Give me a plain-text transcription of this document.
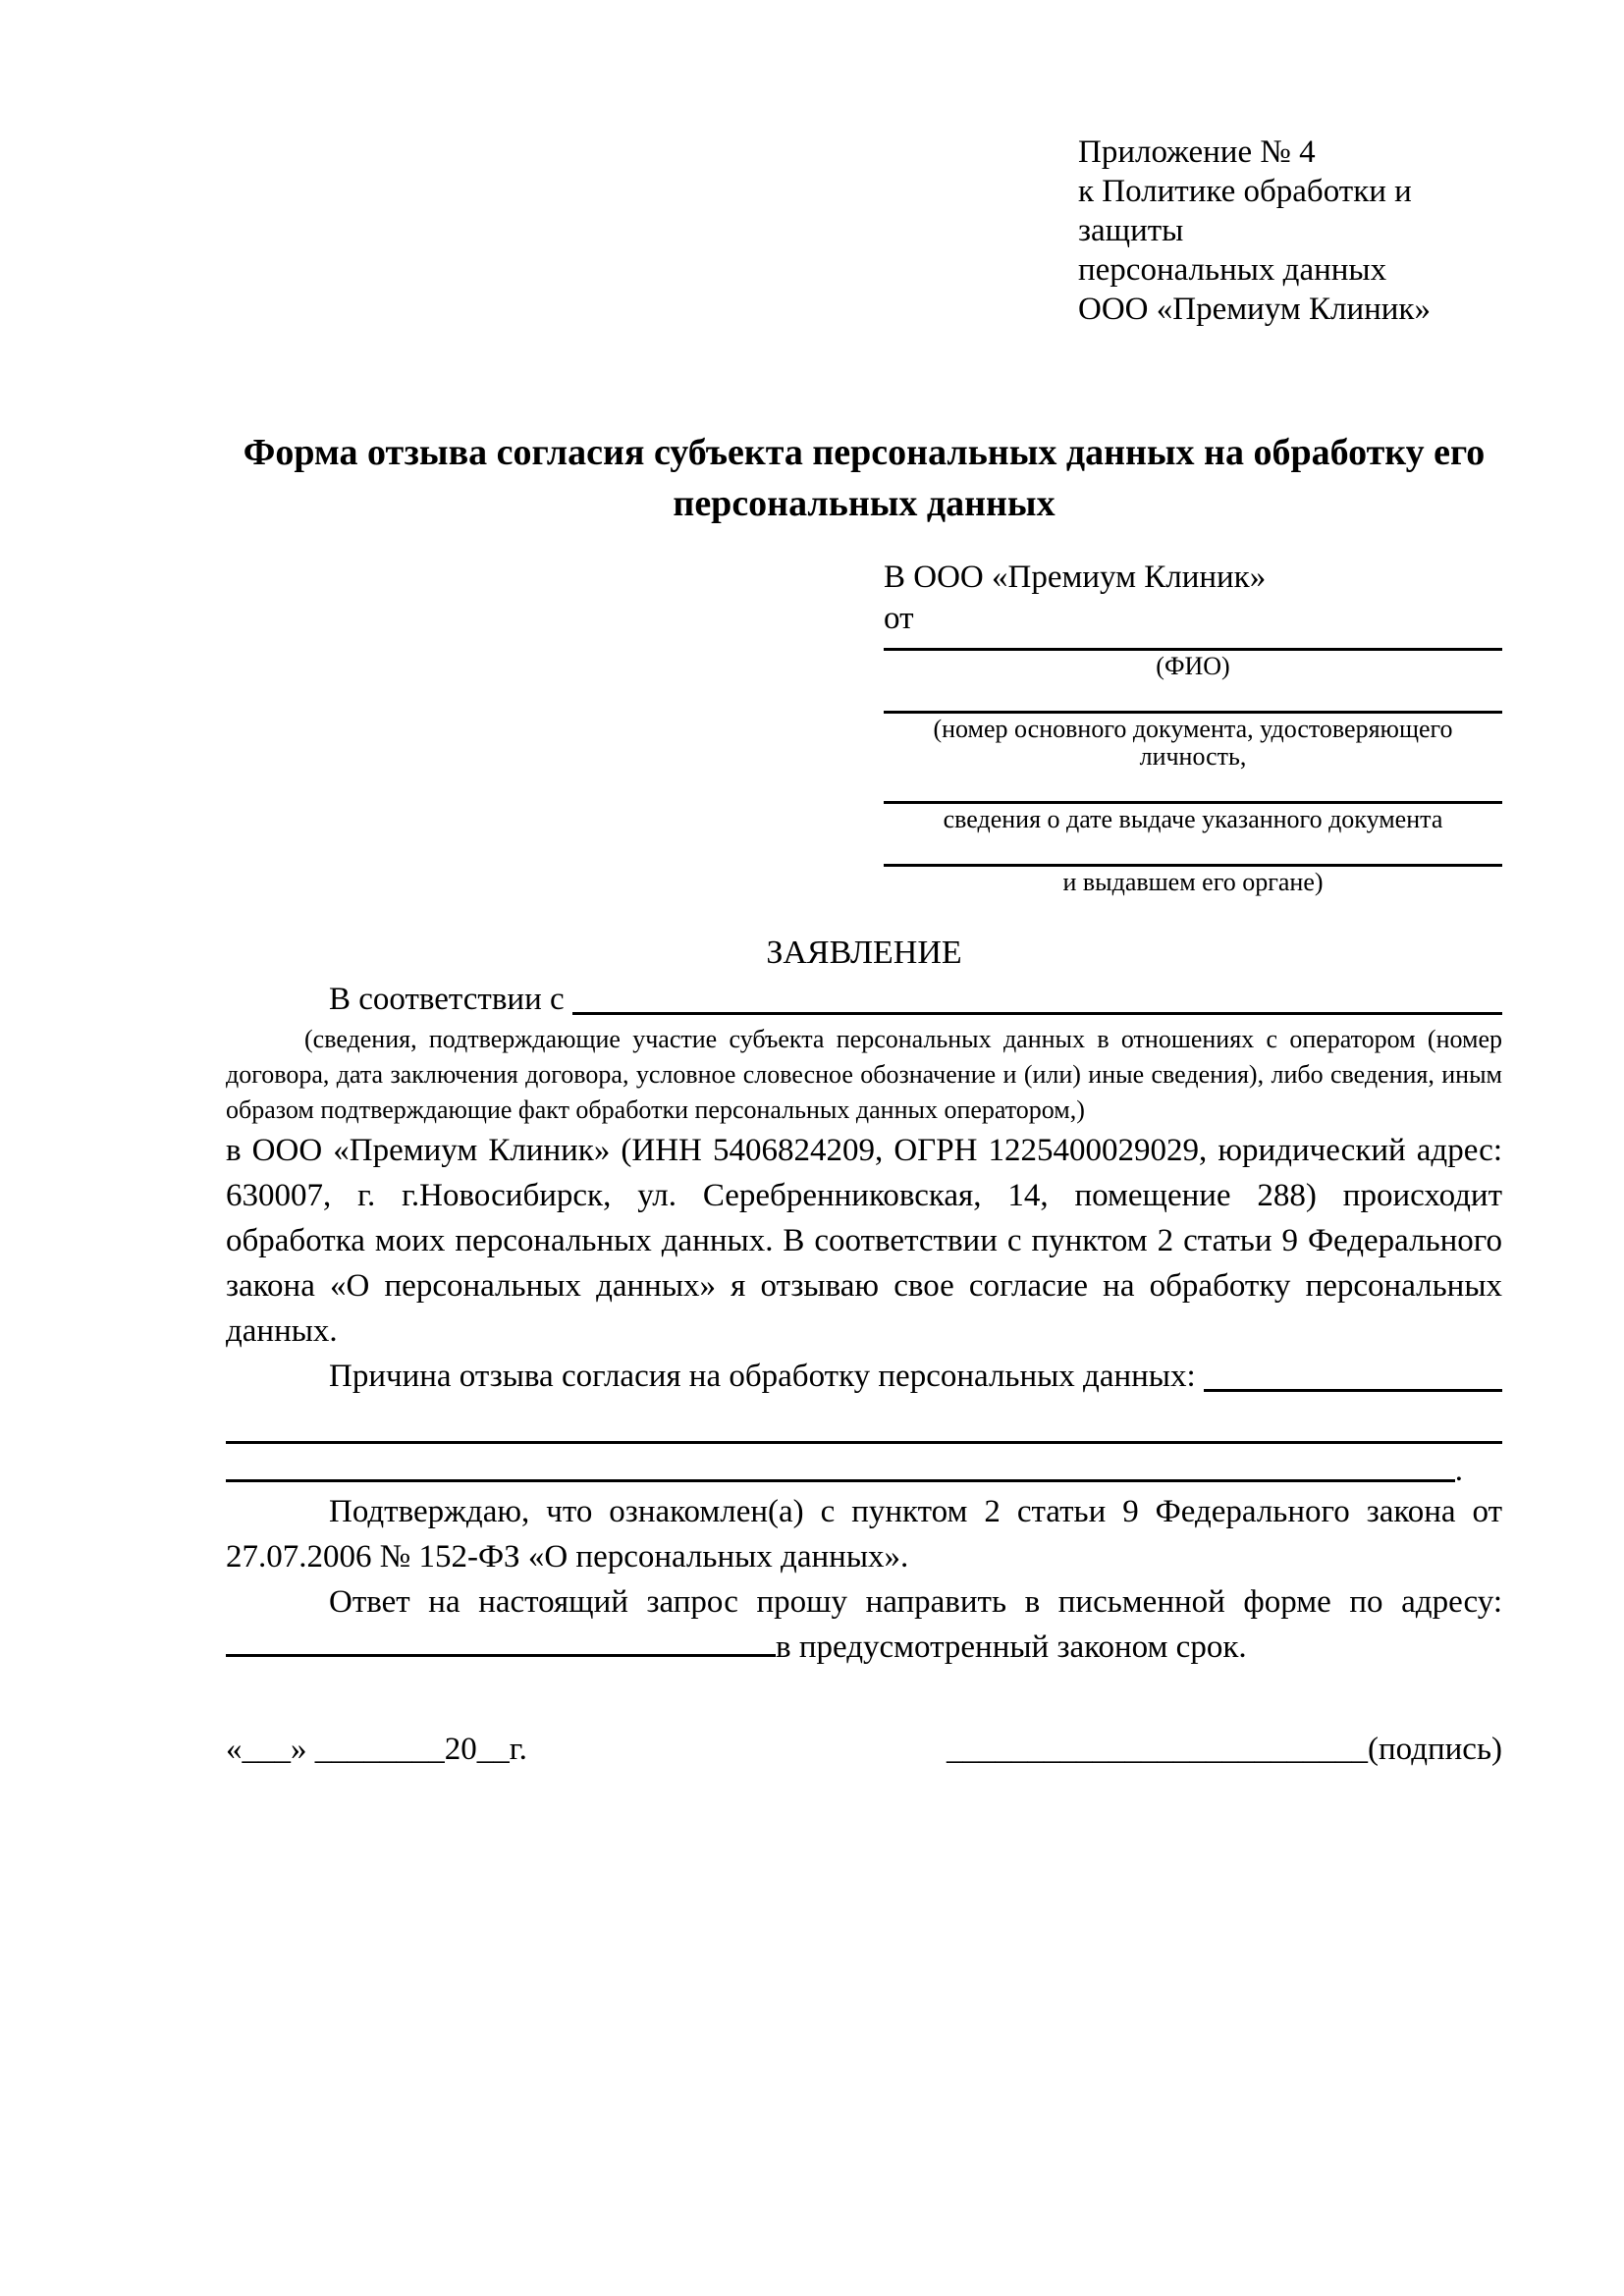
Приложение № 4
к Политике обработки и защиты
персональных данных
ООО «Премиум Клиник»
Форма отзыва согласия субъекта персональных данных на обработку его персональных данных
В ООО «Премиум Клиник»
от
(ФИО)
(номер основного документа, удостоверяющего личность,
сведения о дате выдаче указанного документа
и выдавшем его органе)
ЗАЯВЛЕНИЕ
В соответствии с

(сведения, подтверждающие участие субъекта персональных данных в отношениях с оператором (номер договора, дата заключения договора, условное словесное обозначение и (или) иные сведения), либо сведения, иным образом подтверждающие факт обработки персональных данных оператором,)

в ООО «Премиум Клиник» (ИНН 5406824209, ОГРН 1225400029029, юридический адрес: 630007, г. г.Новосибирск, ул. Серебренниковская, 14, помещение 288) происходит обработка моих персональных данных. В соответствии с пунктом 2 статьи 9 Федерального закона «О персональных данных» я отзываю свое согласие на обработку персональных данных.

Причина отзыва согласия на обработку персональных данных:
.

Подтверждаю, что ознакомлен(а) с пунктом 2 статьи 9 Федерального закона от 27.07.2006 № 152-ФЗ «О персональных данных».

Ответ на настоящий запрос прошу направить в письменной форме по адресу: в предусмотренный законом срок.

«___» ________20__г.	__________________________(подпись)
